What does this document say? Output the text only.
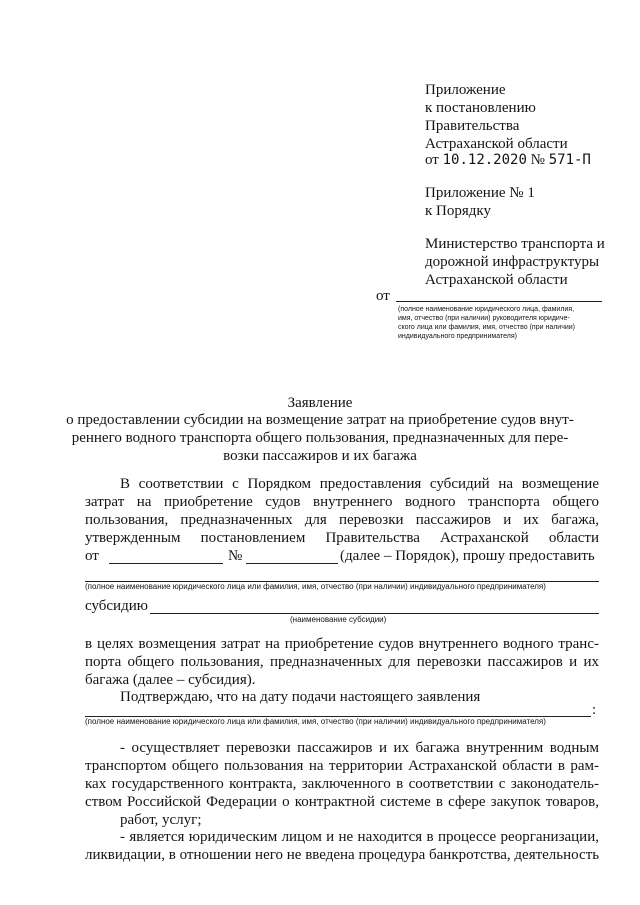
Приложение
к постановлению
Правительства
Астраханской области
от 10.12.2020 № 571-П
Приложение № 1
к Порядку
Министерство транспорта и
дорожной инфраструктуры
Астраханской области
от
(полное наименование юридического лица, фамилия,
имя, отчество (при наличии) руководителя юридиче-
ского лица или фамилия, имя, отчество (при наличии)
индивидуального предпринимателя)
Заявление
о предоставлении субсидии на возмещение затрат на приобретение судов внут-
реннего водного транспорта общего пользования, предназначенных для пере-
возки пассажиров и их багажа
В соответствии с Порядком предоставления субсидий на возмещение
затрат на приобретение судов внутреннего водного транспорта общего
пользования, предназначенных для перевозки пассажиров и их багажа,
утвержденным постановлением Правительства Астраханской области
от	№	(далее – Порядок), прошу предоставить
(полное наименование юридического лица или фамилия, имя, отчество (при наличии) индивидуального предпринимателя)
субсидию
(наименование субсидии)
в целях возмещения затрат на приобретение судов внутреннего водного транс-
порта общего пользования, предназначенных для перевозки пассажиров и их
багажа (далее – субсидия).
Подтверждаю, что на дату подачи настоящего заявления
:
(полное наименование юридического лица или фамилия, имя, отчество (при наличии) индивидуального предпринимателя)
- осуществляет перевозки пассажиров и их багажа внутренним водным
транспортом общего пользования на территории Астраханской области в рам-
ках государственного контракта, заключенного в соответствии с законодатель-
ством Российской Федерации о контрактной системе в сфере закупок товаров,
работ, услуг;
- является юридическим лицом и не находится в процессе реорганизации,
ликвидации, в отношении него не введена процедура банкротства, деятельность
